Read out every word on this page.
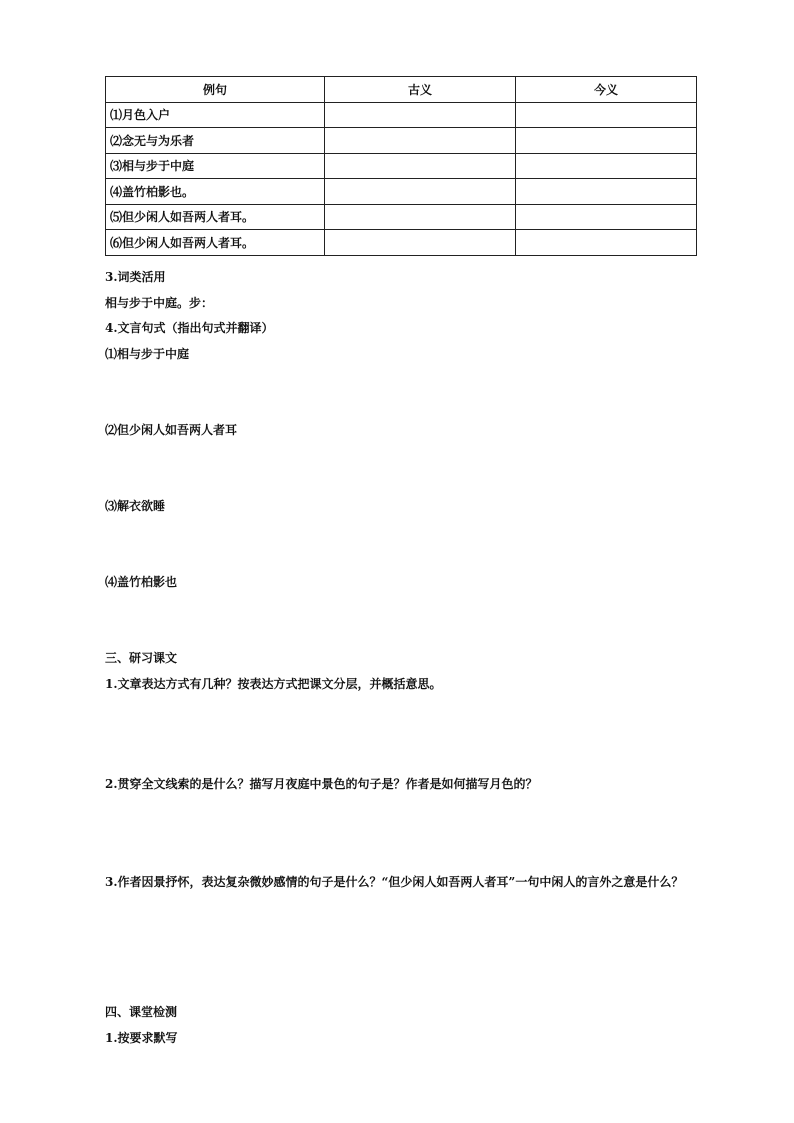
例句	古义	今义
⑴月色入户		
⑵念无与为乐者		
⑶相与步于中庭		
⑷盖竹柏影也。		
⑸但少闲人如吾两人者耳。		
⑹但少闲人如吾两人者耳。		
3.词类活用
相与步于中庭。步：
4.文言句式（指出句式并翻译）
⑴相与步于中庭
⑵但少闲人如吾两人者耳
⑶解衣欲睡
⑷盖竹柏影也
三、研习课文
1.文章表达方式有几种？按表达方式把课文分层，并概括意思。
2.贯穿全文线索的是什么？描写月夜庭中景色的句子是？作者是如何描写月色的？
3.作者因景抒怀，表达复杂微妙感情的句子是什么？“但少闲人如吾两人者耳”一句中闲人的言外之意是什么？
四、课堂检测
1.按要求默写
